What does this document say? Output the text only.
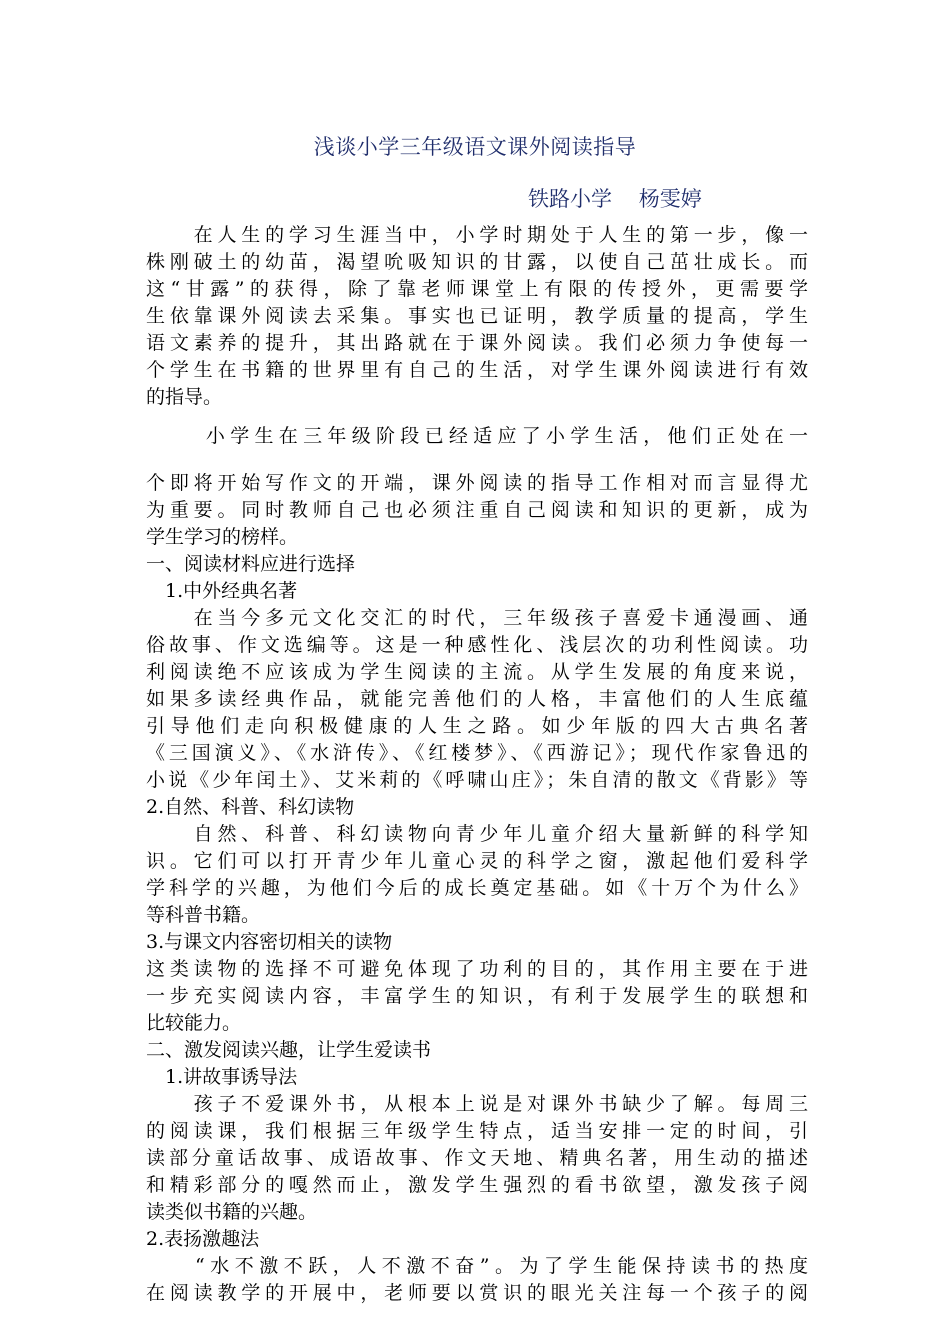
浅谈小学三年级语文课外阅读指导
铁路小学    杨雯婷
　　在人生的学习生涯当中，小学时期处于人生的第一步，像一
株刚破土的幼苗，渴望吮吸知识的甘露，以使自己茁壮成长。而
这“甘露”的获得，除了靠老师课堂上有限的传授外，更需要学
生依靠课外阅读去采集。事实也已证明，教学质量的提高，学生
语文素养的提升，其出路就在于课外阅读。我们必须力争使每一
个学生在书籍的世界里有自己的生活，对学生课外阅读进行有效
的指导。
　　 小学生在三年级阶段已经适应了小学生活，他们正处在一
个即将开始写作文的开端，课外阅读的指导工作相对而言显得尤
为重要。同时教师自己也必须注重自己阅读和知识的更新，成为
学生学习的榜样。
一、阅读材料应进行选择
　1.中外经典名著
　　在当今多元文化交汇的时代，三年级孩子喜爱卡通漫画、通
俗故事、作文选编等。这是一种感性化、浅层次的功利性阅读。功
利阅读绝不应该成为学生阅读的主流。从学生发展的角度来说，
如果多读经典作品，就能完善他们的人格，丰富他们的人生底蕴
引导他们走向积极健康的人生之路。如少年版的四大古典名著
《三国演义》、《水浒传》、《红楼梦》、《西游记》；现代作家鲁迅的
小说《少年闰土》、艾米莉的《呼啸山庄》；朱自清的散文《背影》等
2.自然、科普、科幻读物
　　自然、科普、科幻读物向青少年儿童介绍大量新鲜的科学知
识。它们可以打开青少年儿童心灵的科学之窗，激起他们爱科学
学科学的兴趣，为他们今后的成长奠定基础。如《十万个为什么》
等科普书籍。
3.与课文内容密切相关的读物
这类读物的选择不可避免体现了功利的目的，其作用主要在于进
一步充实阅读内容，丰富学生的知识，有利于发展学生的联想和
比较能力。
二、激发阅读兴趣，让学生爱读书
　1.讲故事诱导法
　　孩子不爱课外书，从根本上说是对课外书缺少了解。每周三
的阅读课，我们根据三年级学生特点，适当安排一定的时间，引
读部分童话故事、成语故事、作文天地、精典名著，用生动的描述
和精彩部分的嘎然而止，激发学生强烈的看书欲望，激发孩子阅
读类似书籍的兴趣。
2.表扬激趣法
　　“水不激不跃，人不激不奋”。为了学生能保持读书的热度
在阅读教学的开展中，老师要以赏识的眼光关注每一个孩子的阅
